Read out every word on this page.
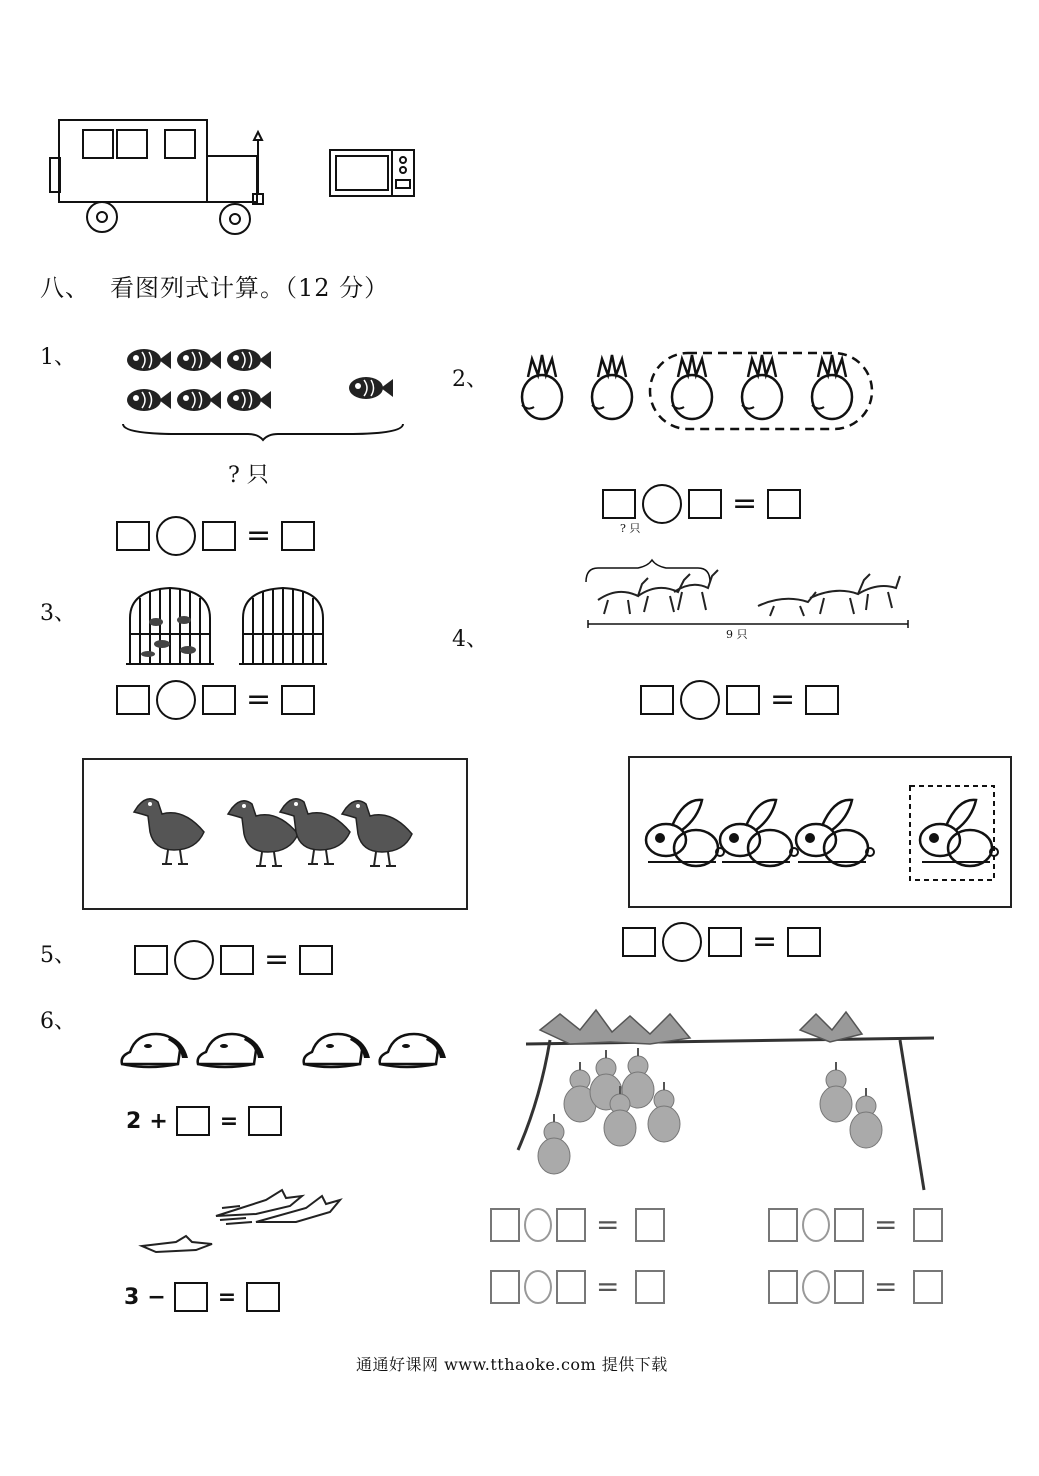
八、 看图列式计算。（12 分）
1、
? 只
=
2、
=
3、
=
4、
? 只
9 只
=
5、	=
=
6、
2 + =
3 − =
=	=
=	=
通通好课网 www.tthaoke.com 提供下载
